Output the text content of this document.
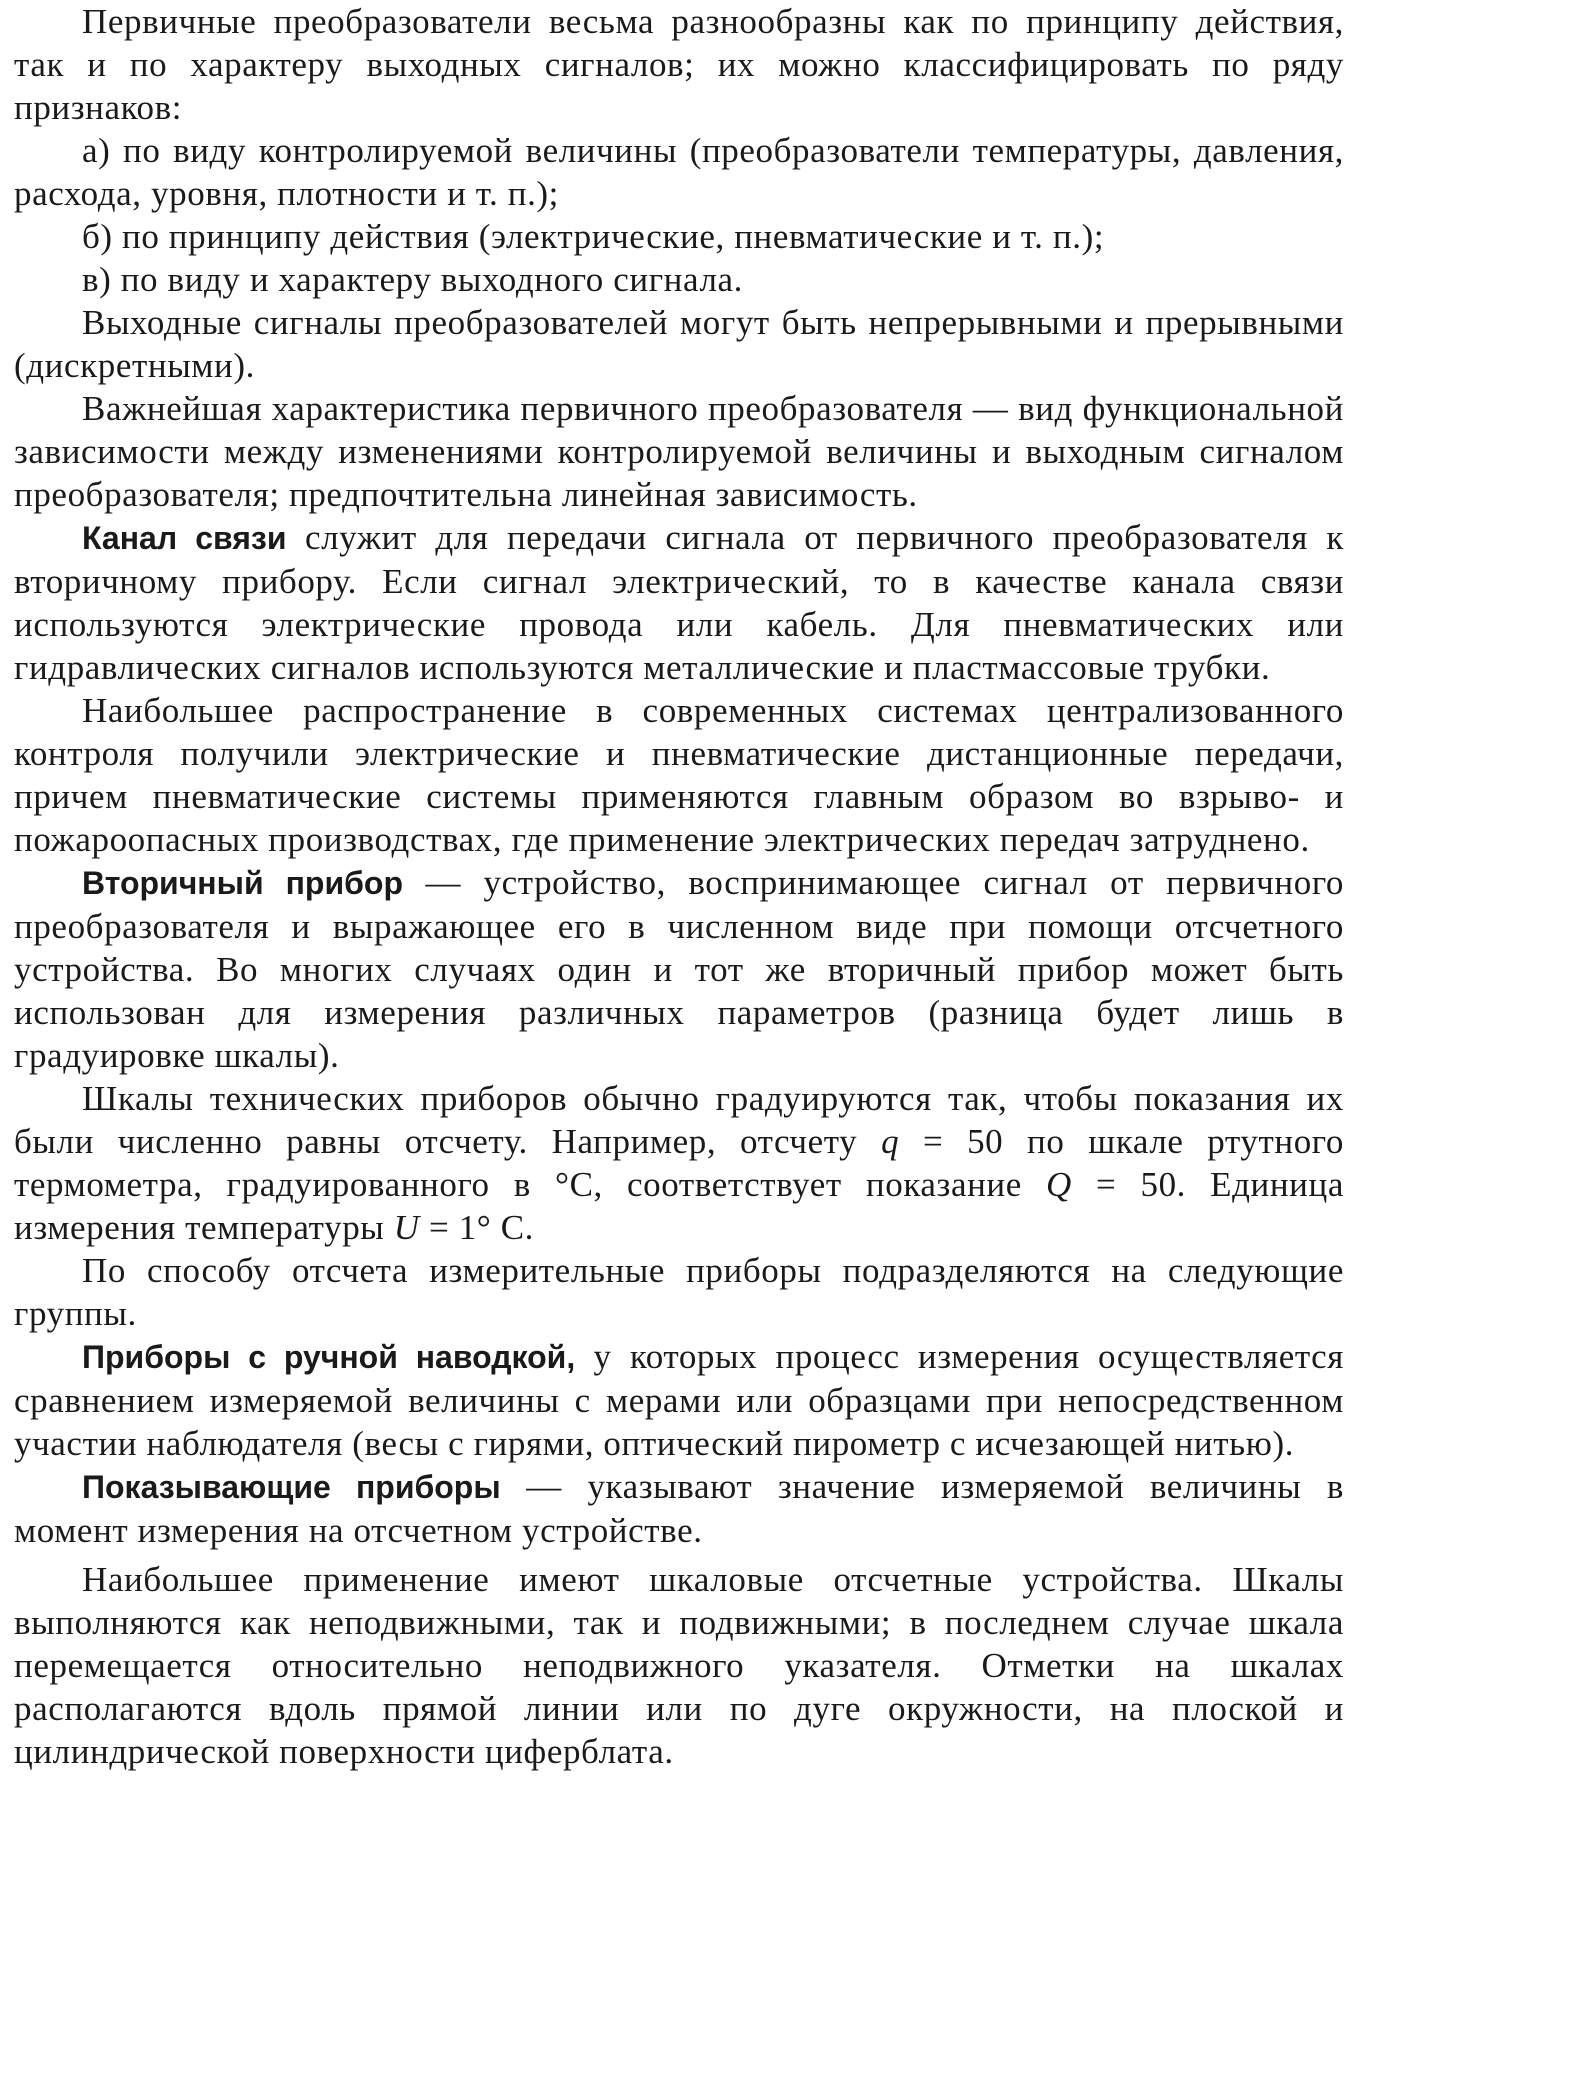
Первичные преобразователи весьма разнообразны как по принципу действия, так и по характеру выходных сигналов; их можно классифицировать по ряду признаков:

а) по виду контролируемой величины (преобразователи температуры, давления, расхода, уровня, плотности и т. п.);

б) по принципу действия (электрические, пневматические и т. п.);

в) по виду и характеру выходного сигнала.

Выходные сигналы преобразователей могут быть непрерывными и прерывными (дискретными).

Важнейшая характеристика первичного преобразователя — вид функциональной зависимости между изменениями контролируемой величины и выходным сигналом преобразователя; предпочтительна линейная зависимость.

Канал связи служит для передачи сигнала от первичного преобразователя к вторичному прибору. Если сигнал электрический, то в качестве канала связи используются электрические провода или кабель. Для пневматических или гидравлических сигналов используются металлические и пластмассовые трубки.

Наибольшее распространение в современных системах централизованного контроля получили электрические и пневматические дистанционные передачи, причем пневматические системы применяются главным образом во взрыво- и пожароопасных производствах, где применение электрических передач затруднено.

Вторичный прибор — устройство, воспринимающее сигнал от первичного преобразователя и выражающее его в численном виде при помощи отсчетного устройства. Во многих случаях один и тот же вторичный прибор может быть использован для измерения различных параметров (разница будет лишь в градуировке шкалы).

Шкалы технических приборов обычно градуируются так, чтобы показания их были численно равны отсчету. Например, отсчету q = 50 по шкале ртутного термометра, градуированного в °С, соответствует показание Q = 50. Единица измерения температуры U = 1° С.

По способу отсчета измерительные приборы подразделяются на следующие группы.

Приборы с ручной наводкой, у которых процесс измерения осуществляется сравнением измеряемой величины с мерами или образцами при непосредственном участии наблюдателя (весы с гирями, оптический пирометр с исчезающей нитью).

Показывающие приборы — указывают значение измеряемой величины в момент измерения на отсчетном устройстве.

Наибольшее применение имеют шкаловые отсчетные устройства. Шкалы выполняются как неподвижными, так и подвижными; в последнем случае шкала перемещается относительно неподвижного указателя. Отметки на шкалах располагаются вдоль прямой линии или по дуге окружности, на плоской и цилиндрической поверхности циферблата.
